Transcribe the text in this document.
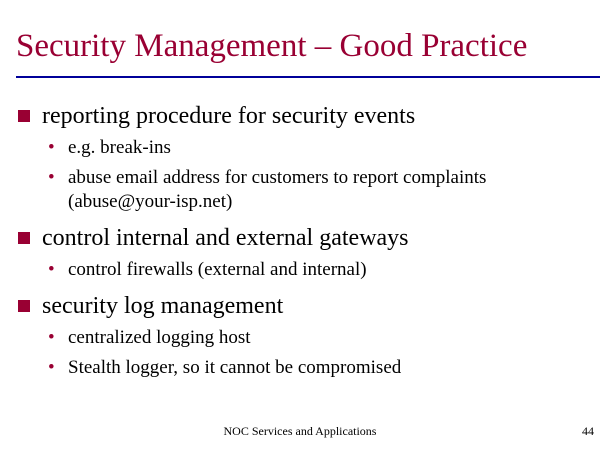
Security Management – Good Practice
reporting procedure for security events
• e.g. break-ins
• abuse email address for customers to report complaints (abuse@your-isp.net)
control internal and external gateways
• control firewalls (external and internal)
security log management
• centralized logging host
• Stealth logger, so it cannot be compromised
NOC Services and Applications	44
